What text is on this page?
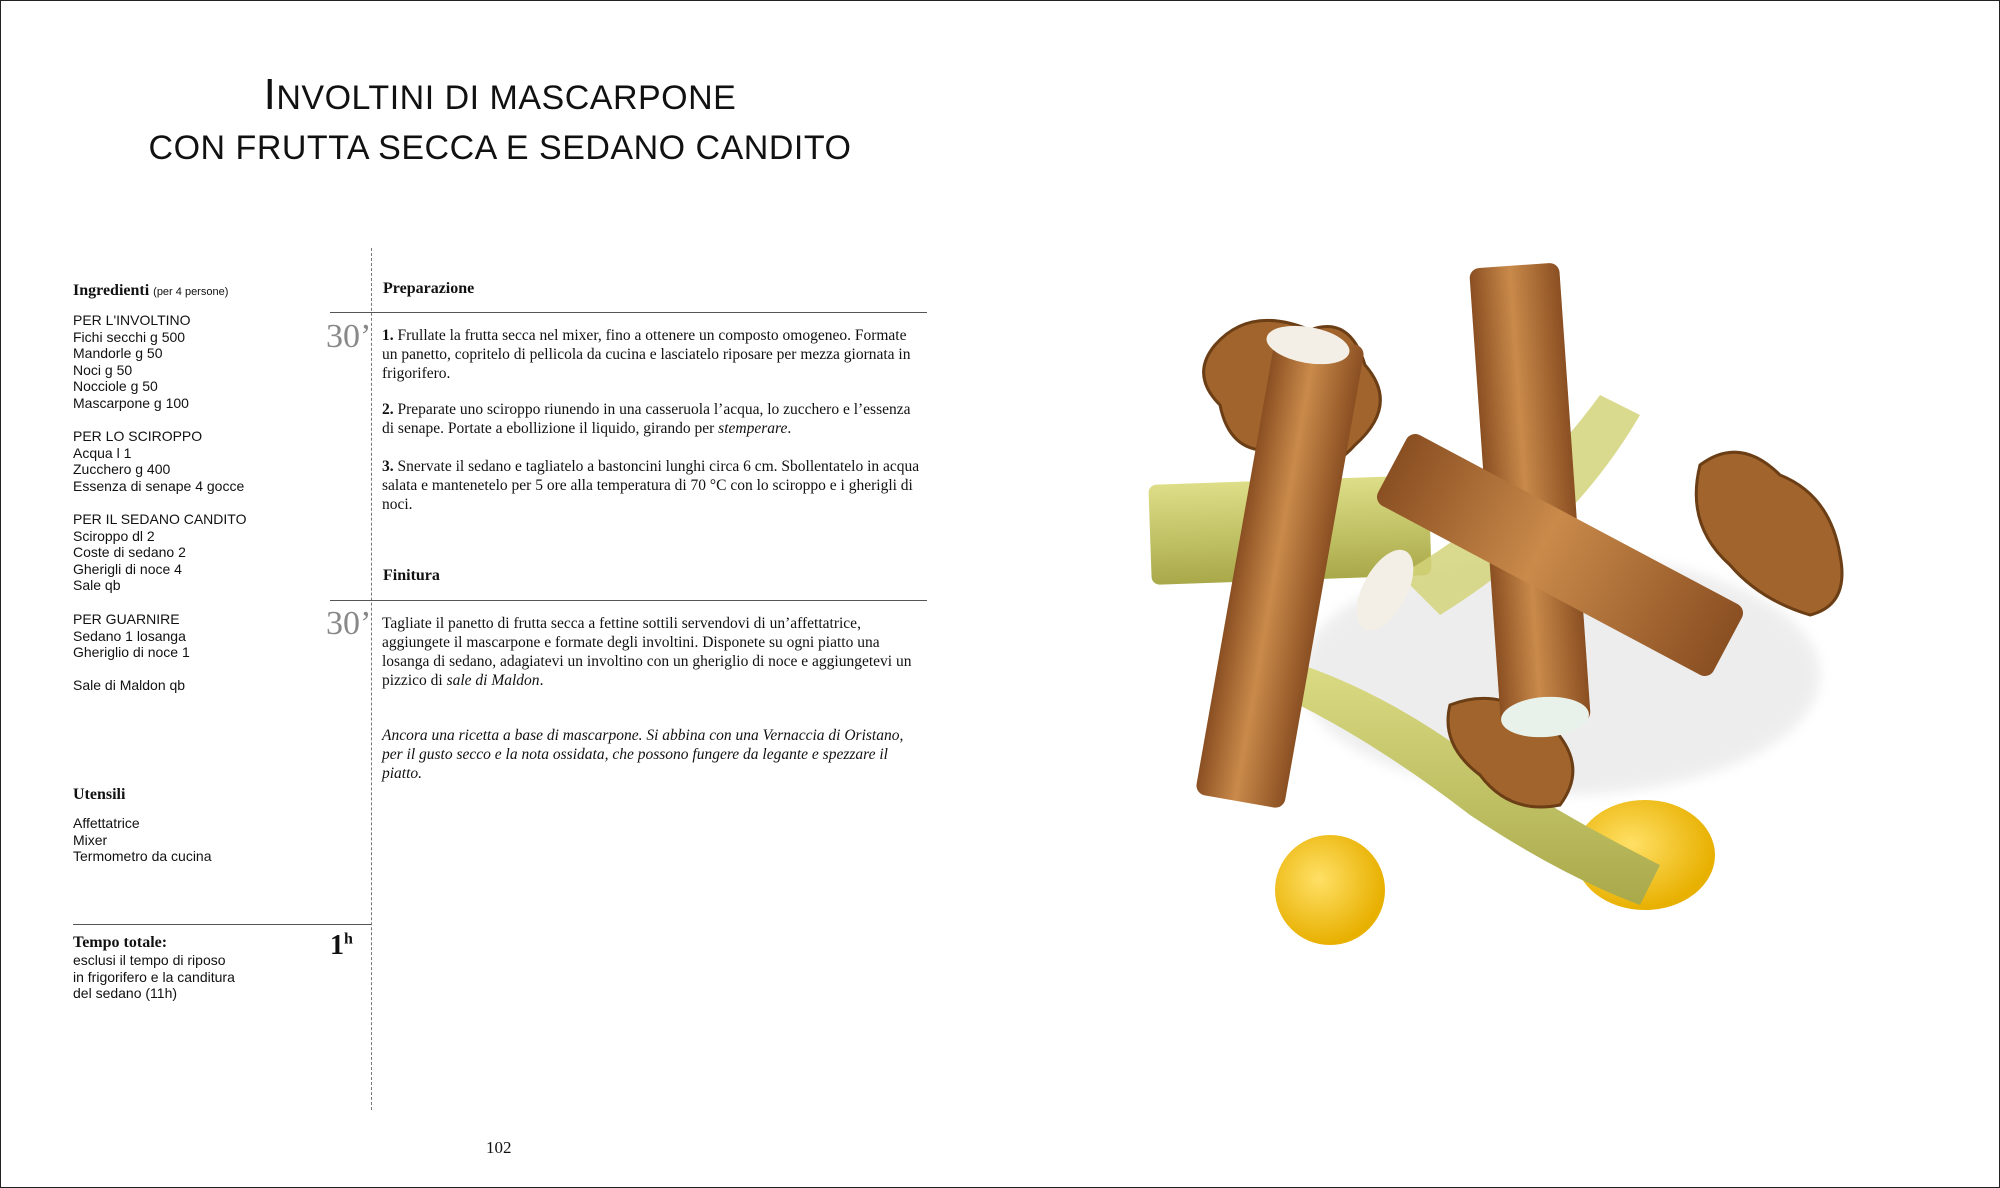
INVOLTINI DI MASCARPONE
CON FRUTTA SECCA E SEDANO CANDITO
Ingredienti (per 4 persone)
PER L'INVOLTINO
Fichi secchi g 500
Mandorle g 50
Noci g 50
Nocciole g 50
Mascarpone g 100
PER LO SCIROPPO
Acqua l 1
Zucchero g 400
Essenza di senape 4 gocce
PER IL SEDANO CANDITO
Sciroppo dl 2
Coste di sedano 2
Gherigli di noce 4
Sale qb
PER GUARNIRE
Sedano 1 losanga
Gheriglio di noce 1
Sale di Maldon qb
Utensili
Affettatrice
Mixer
Termometro da cucina
Tempo totale:
esclusi il tempo di riposo
in frigorifero e la canditura
del sedano (11h)
1$^h$
Preparazione
30’ 1. Frullate la frutta secca nel mixer, fino a ottenere un composto omogeneo. Formate un panetto, copritelo di pellicola da cucina e lasciatelo riposare per mezza giornata in frigorifero.
2. Preparate uno sciroppo riunendo in una casseruola l’acqua, lo zucchero e l’essenza di senape. Portate a ebollizione il liquido, girando per stemperare.
3. Snervate il sedano e tagliatelo a bastoncini lunghi circa 6 cm. Sbollentatelo in acqua salata e mantenetelo per 5 ore alla temperatura di 70 °C con lo sciroppo e i gherigli di noci.
Finitura
30’ Tagliate il panetto di frutta secca a fettine sottili servendovi di un’affettatrice, aggiungete il mascarpone e formate degli involtini. Disponete su ogni piatto una losanga di sedano, adagiatevi un involtino con un gheriglio di noce e aggiungetevi un pizzico di sale di Maldon.
Ancora una ricetta a base di mascarpone. Si abbina con una Vernaccia di Oristano, per il gusto secco e la nota ossidata, che possono fungere da legante e spezzare il piatto.
102
